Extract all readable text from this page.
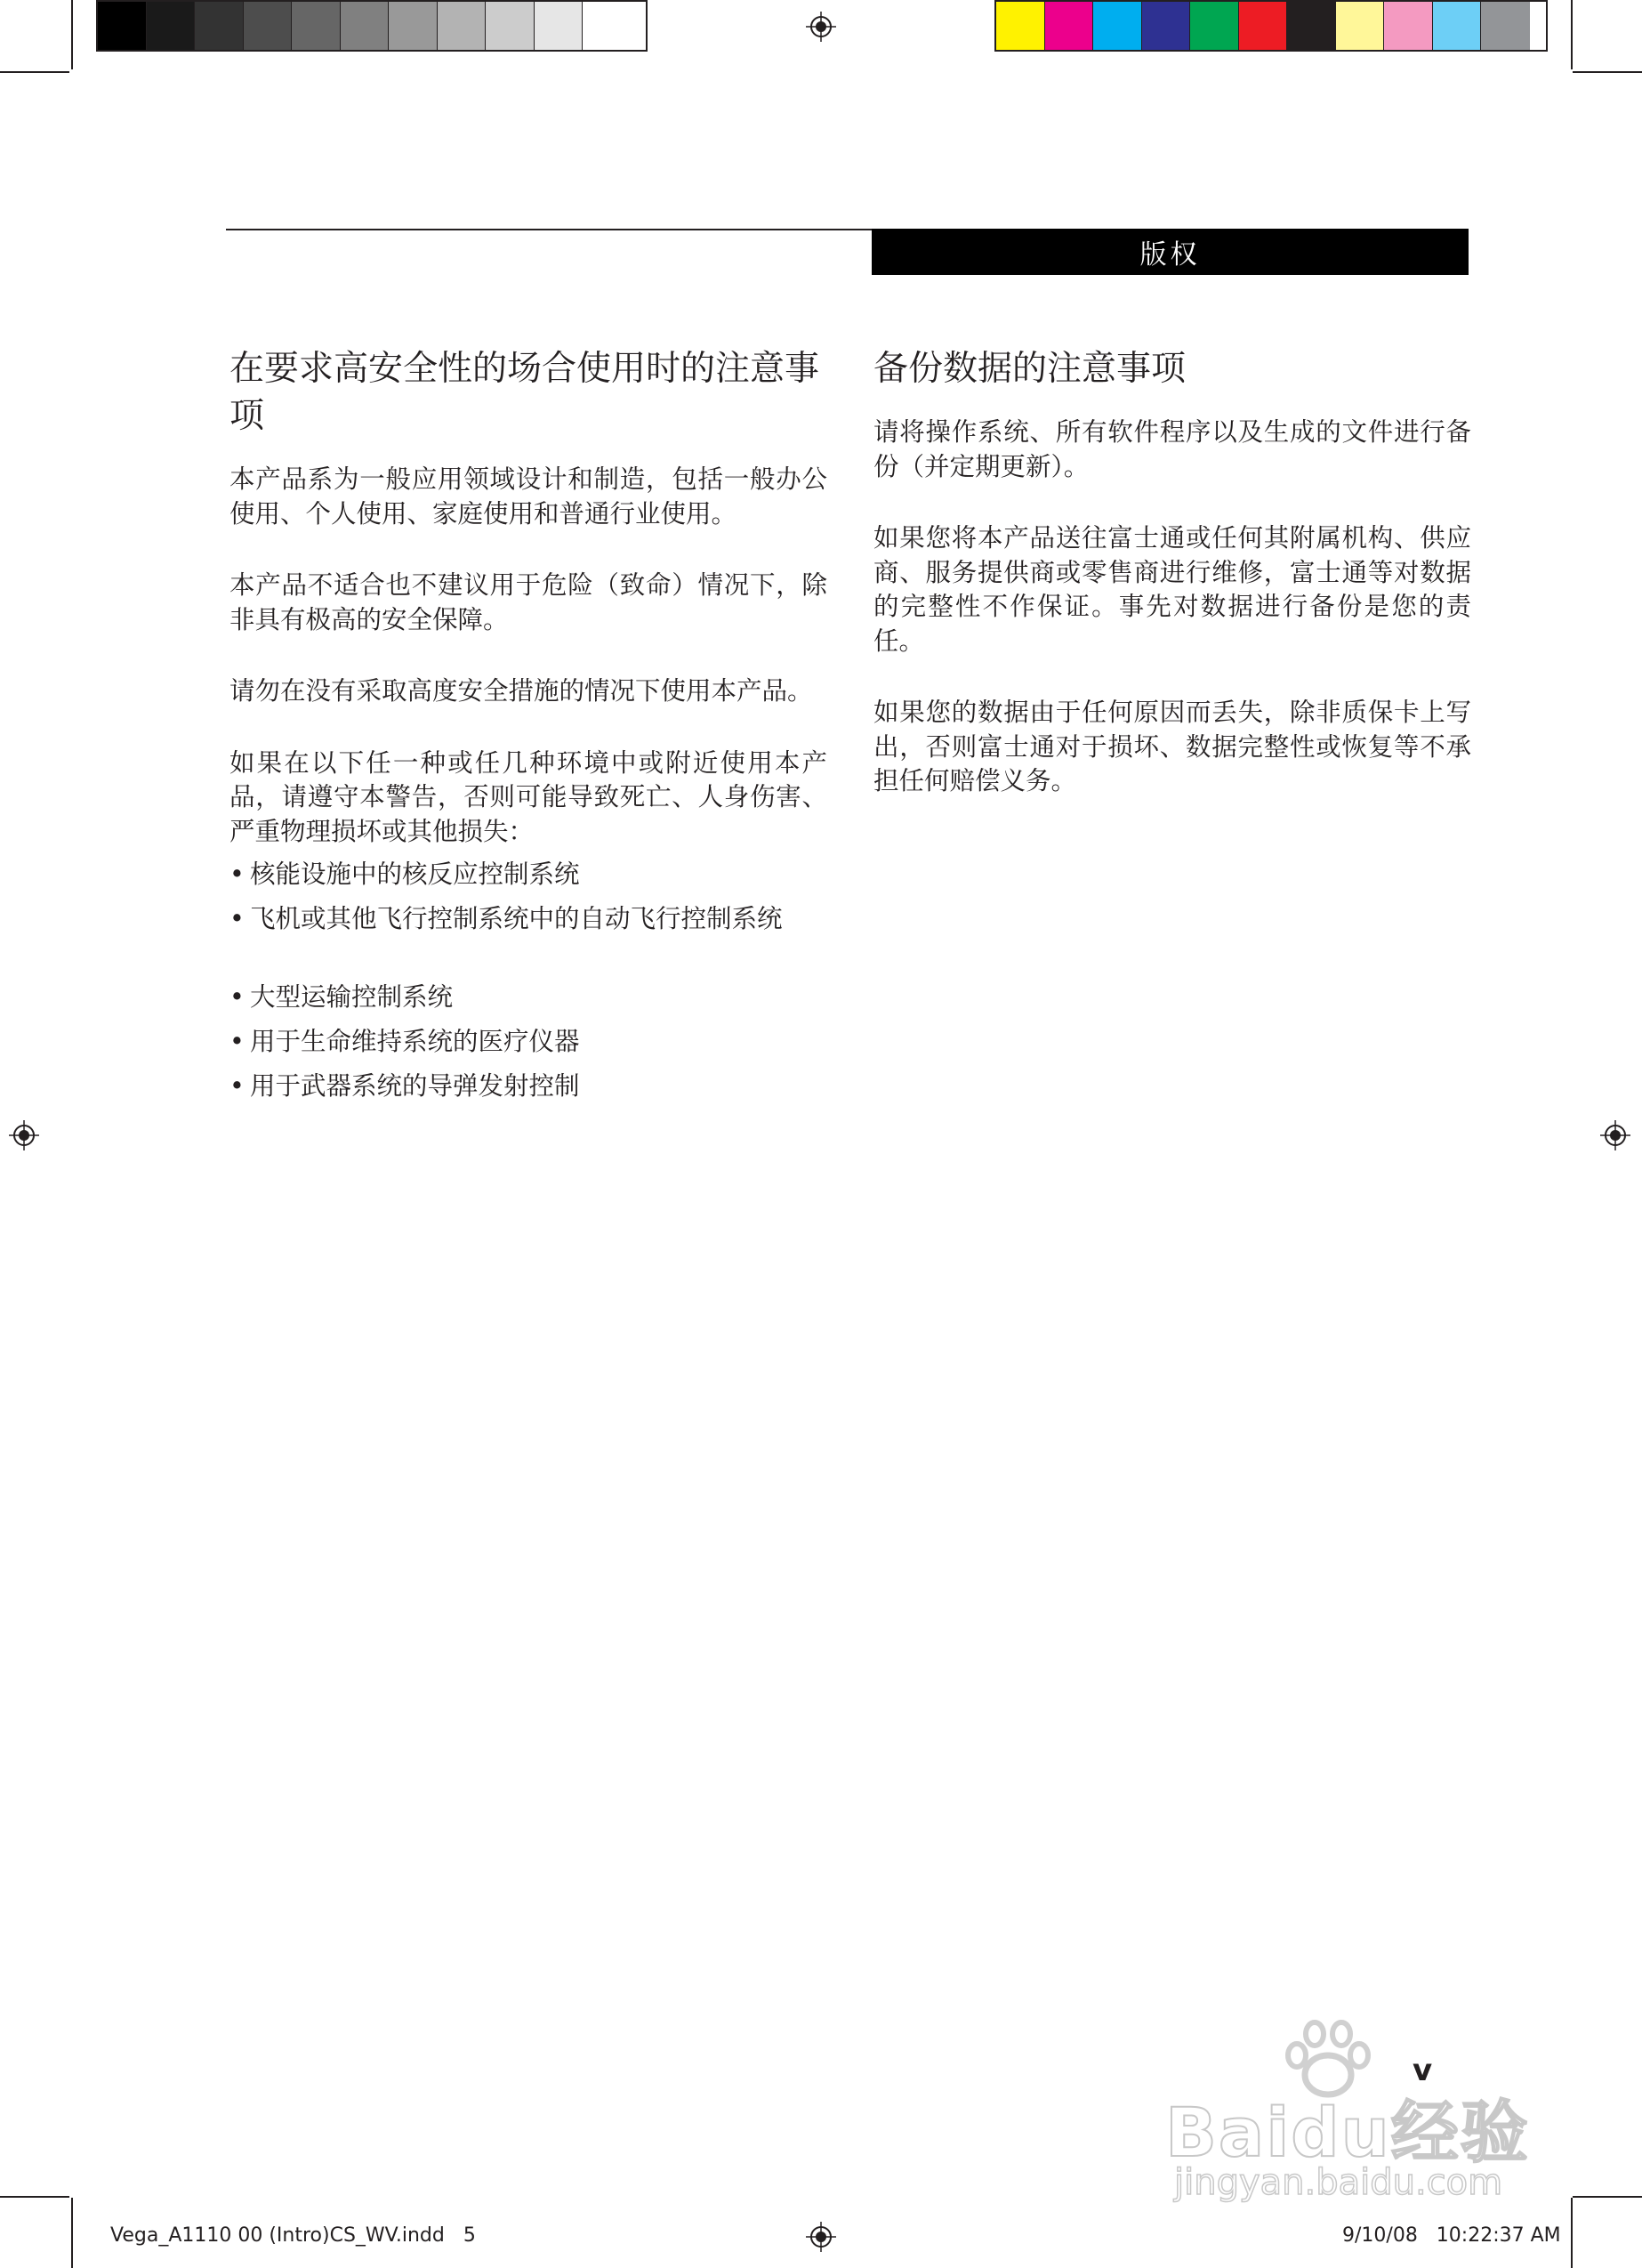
版权
在要求高安全性的场合使用时的注意事项

本产品系为一般应用领域设计和制造，包括一般办公使用、个人使用、家庭使用和普通行业使用。

本产品不适合也不建议用于危险（致命）情况下，除非具有极高的安全保障。

请勿在没有采取高度安全措施的情况下使用本产品。

如果在以下任一种或任几种环境中或附近使用本产品，请遵守本警告，否则可能导致死亡、人身伤害、严重物理损坏或其他损失：

• 核能设施中的核反应控制系统
• 飞机或其他飞行控制系统中的自动飞行控制系统
• 大型运输控制系统
• 用于生命维持系统的医疗仪器
• 用于武器系统的导弹发射控制
备份数据的注意事项

请将操作系统、所有软件程序以及生成的文件进行备份（并定期更新）。

如果您将本产品送往富士通或任何其附属机构、供应商、服务提供商或零售商进行维修，富士通等对数据的完整性不作保证。事先对数据进行备份是您的责任。

如果您的数据由于任何原因而丢失，除非质保卡上写出，否则富士通对于损坏、数据完整性或恢复等不承担任何赔偿义务。

Baidu经验
jingyan.baidu.com
v
Vega_A1110 00 (Intro)CS_WV.indd   5	9/10/08   10:22:37 AM
